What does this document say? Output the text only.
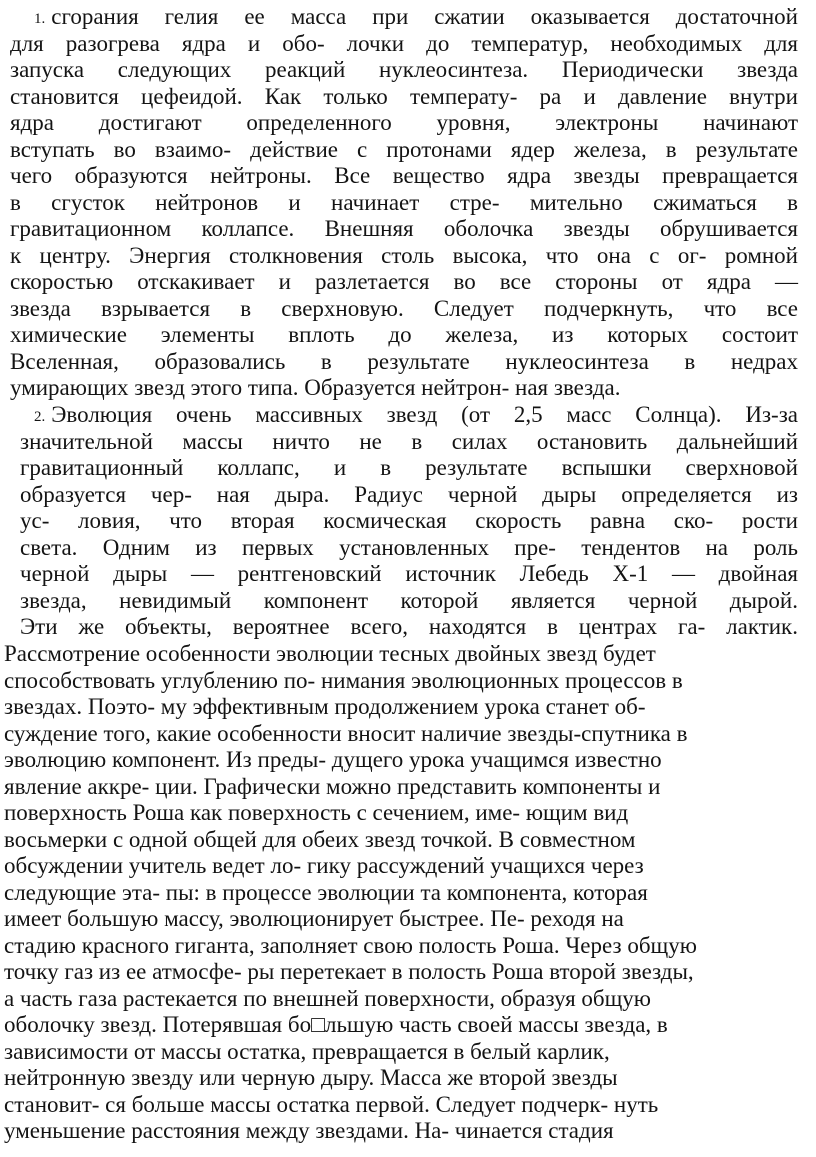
1. сгорания гелия ее масса при сжатии оказывается достаточной
для разогрева ядра и обо- лочки до температур, необходимых для
запуска следующих реакций нуклеосинтеза. Периодически звезда
становится цефеидой. Как только температу- ра и давление внутри
ядра достигают определенного уровня, электроны начинают
вступать во взаимо- действие с протонами ядер железа, в результате
чего образуются нейтроны. Все вещество ядра звезды превращается
в сгусток нейтронов и начинает стре- мительно сжиматься в
гравитационном коллапсе. Внешняя оболочка звезды обрушивается
к центру. Энергия столкновения столь высока, что она с ог- ромной
скоростью отскакивает и разлетается во все стороны от ядра —
звезда взрывается в сверхновую. Следует подчеркнуть, что все
химические элементы вплоть до железа, из которых состоит
Вселенная, образовались в результате нуклеосинтеза в недрах
умирающих звезд этого типа. Образуется нейтрон- ная звезда.
2. Эволюция очень массивных звезд (от 2,5 масс Солнца). Из-за
значительной массы ничто не в силах остановить дальнейший
гравитационный коллапс, и в результате вспышки сверхновой
образуется чер- ная дыра. Радиус черной дыры определяется из
ус- ловия, что вторая космическая скорость равна ско- рости
света. Одним из первых установленных пре- тендентов на роль
черной дыры — рентгеновский источник Лебедь Х-1 — двойная
звезда, невидимый компонент которой является черной дырой.
Эти же объекты, вероятнее всего, находятся в центрах га- лактик.
Рассмотрение особенности эволюции тесных двойных звезд будет
способствовать углублению по- нимания эволюционных процессов в
звездах. Поэто- му эффективным продолжением урока станет об-
суждение того, какие особенности вносит наличие звезды-спутника в
эволюцию компонент. Из преды- дущего урока учащимся известно
явление аккре- ции. Графически можно представить компоненты и
поверхность Роша как поверхность с сечением, име- ющим вид
восьмерки с одной общей для обеих звезд точкой. В совместном
обсуждении учитель ведет ло- гику рассуждений учащихся через
следующие эта- пы: в процессе эволюции та компонента, которая
имеет большую массу, эволюционирует быстрее. Пе- реходя на
стадию красного гиганта, заполняет свою полость Роша. Через общую
точку газ из ее атмосфе- ры перетекает в полость Роша второй звезды,
а часть газа растекается по внешней поверхности, образуя общую
оболочку звезд. Потерявшая бо□льшую часть своей массы звезда, в
зависимости от массы остатка, превращается в белый карлик,
нейтронную звезду или черную дыру. Масса же второй звезды
становит- ся больше массы остатка первой. Следует подчерк- нуть
уменьшение расстояния между звездами. На- чинается стадия
